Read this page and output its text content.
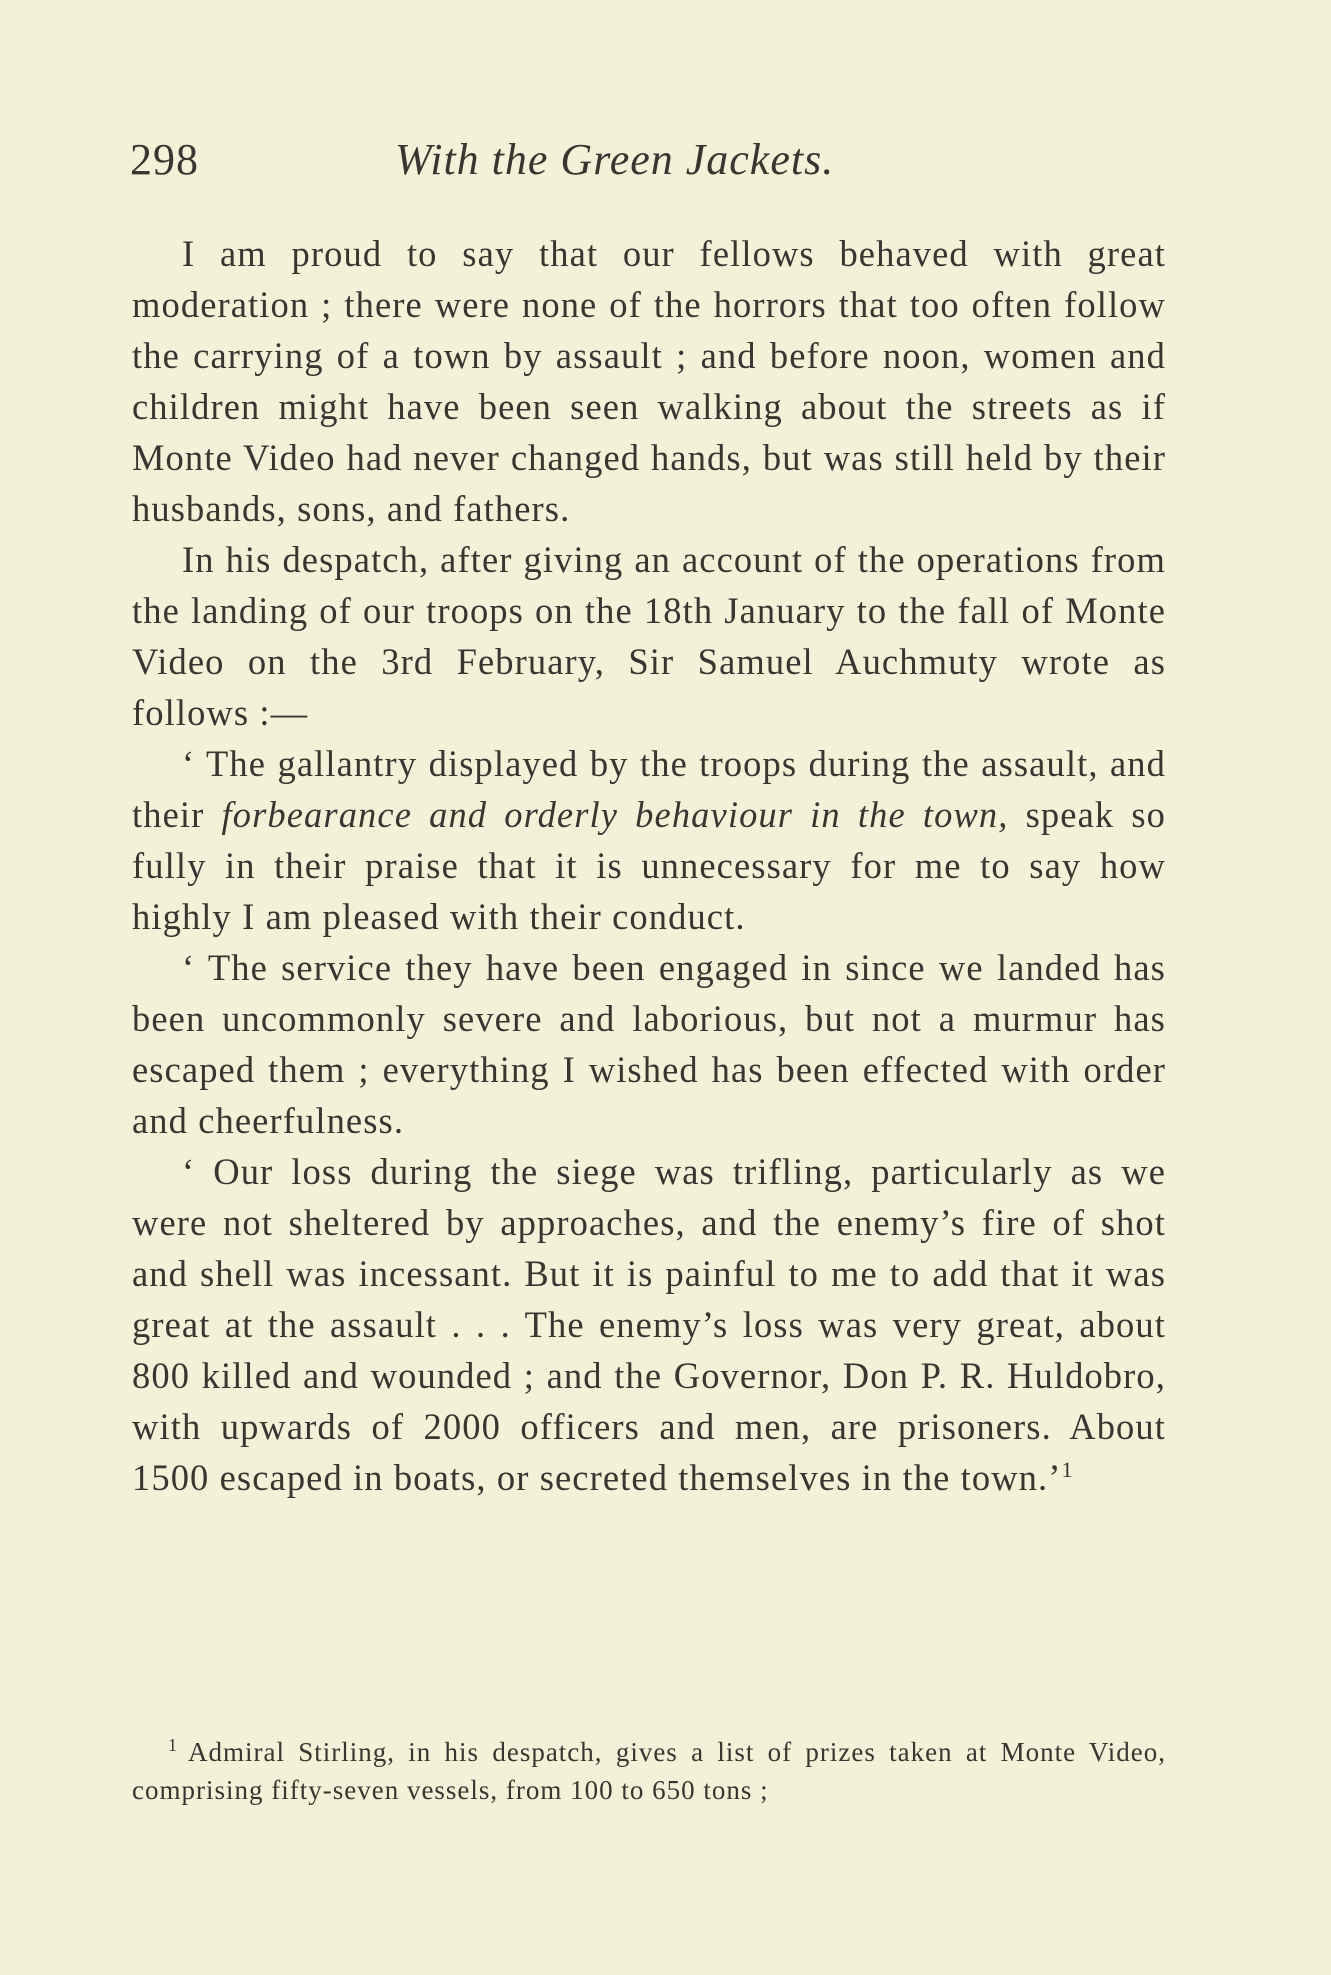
298	With the Green Jackets.

I am proud to say that our fellows behaved with great moderation ; there were none of the horrors that too often follow the carrying of a town by assault ; and before noon, women and children might have been seen walking about the streets as if Monte Video had never changed hands, but was still held by their husbands, sons, and fathers.

In his despatch, after giving an account of the operations from the landing of our troops on the 18th January to the fall of Monte Video on the 3rd February, Sir Samuel Auchmuty wrote as follows :—

‘ The gallantry displayed by the troops during the assault, and their forbearance and orderly behaviour in the town, speak so fully in their praise that it is unnecessary for me to say how highly I am pleased with their conduct.

‘ The service they have been engaged in since we landed has been uncommonly severe and laborious, but not a murmur has escaped them ; everything I wished has been effected with order and cheerfulness.

‘ Our loss during the siege was trifling, particularly as we were not sheltered by approaches, and the enemy’s fire of shot and shell was incessant. But it is painful to me to add that it was great at the assault . . . The enemy’s loss was very great, about 800 killed and wounded ; and the Governor, Don P. R. Huldobro, with upwards of 2000 officers and men, are prisoners. About 1500 escaped in boats, or secreted themselves in the town.’$^1$

$^1$ Admiral Stirling, in his despatch, gives a list of prizes taken at Monte Video, comprising fifty-seven vessels, from 100 to 650 tons ;
